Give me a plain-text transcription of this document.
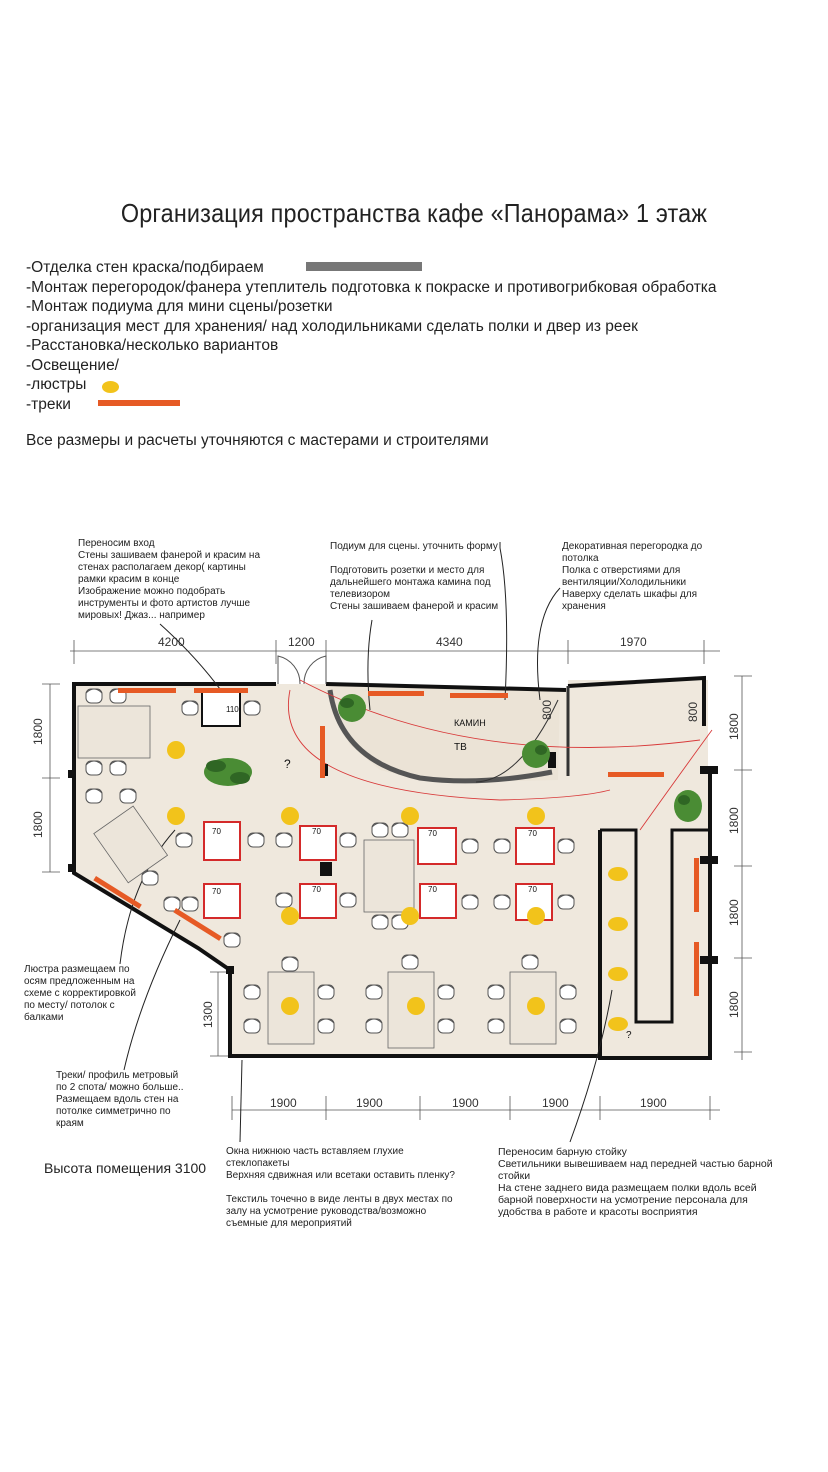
Организация пространства кафе «Панорама» 1 этаж
-Отделка стен краска/подбираем
-Монтаж перегородок/фанера утеплитель подготовка к покраске и противогрибковая обработка
-Монтаж подиума для мини сцены/розетки
-организация мест для хранения/ над холодильниками сделать полки и двер из реек
-Расстановка/несколько вариантов
-Освещение/
-люстры
-треки
Все размеры и расчеты уточняются с мастерами и строителями
Переносим вход
Стены зашиваем фанерой и красим на
стенах располагаем декор( картины
рамки красим в конце
Изображение можно подобрать
инструменты и фото артистов лучше
мировых! Джаз... например
Подиум для сцены. уточнить форму

Подготовить розетки и место для
дальнейшего монтажа камина под
телевизором
Стены зашиваем фанерой и красим
Декоративная перегородка до
потолка
Полка с отверстиями для
вентиляции/Холодильники
Наверху сделать шкафы для
хранения
Люстра размещаем по
осям предложенным на
схеме с корректировкой
по месту/ потолок с
балками
Треки/ профиль метровый
по 2 спота/ можно больше..
Размещаем вдоль стен на
потолке симметрично по
краям
Окна нижнюю часть вставляем глухие
стеклопакеты
Верхняя сдвижная или всетаки оставить пленку?

Текстиль точечно в виде ленты в двух местах по
залу на усмотрение руководства/возможно
съемные для мероприятий
Переносим барную стойку
Светильники вывешиваем над передней частью барной
стойки
На стене заднего вида размещаем полки вдоль всей
барной поверхности на усмотрение персонала для
удобства в работе и красоты восприятия
Высота помещения 3100
4200	1200	4340	1970
1900	1900	1900	1900	1900
1800
1800
1300
1800
1800
1800
1800
800	800
110
70	70
70
70
70
70
70
70
ТВ
КАМИН
?
?
